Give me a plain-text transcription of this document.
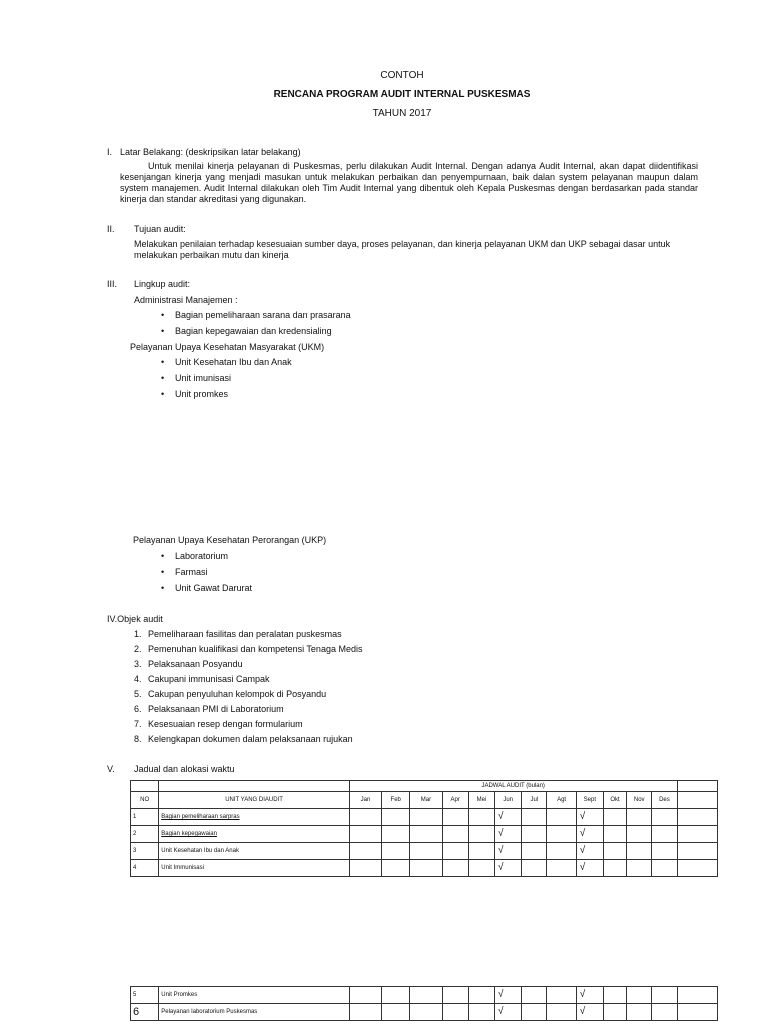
CONTOH
RENCANA PROGRAM AUDIT INTERNAL PUSKESMAS
TAHUN 2017
I. Latar Belakang: (deskripsikan latar belakang)
Untuk menilai kinerja pelayanan di Puskesmas, perlu dilakukan Audit Internal. Dengan adanya Audit Internal, akan dapat diidentifikasi kesenjangan kinerja yang menjadi masukan untuk melakukan perbaikan dan penyempurnaan, baik dalan system pelayanan maupun dalam system manajemen. Audit Internal dilakukan oleh Tim Audit Internal yang dibentuk oleh Kepala Puskesmas dengan berdasarkan pada standar kinerja dan standar akreditasi yang digunakan.
II. Tujuan audit:
Melakukan penilaian terhadap kesesuaian sumber daya, proses pelayanan, dan kinerja pelayanan UKM dan UKP sebagai dasar untuk melakukan perbaikan mutu dan kinerja
III. Lingkup audit:
Administrasi Manajemen :
• Bagian pemeliharaan sarana dan prasarana
• Bagian kepegawaian dan kredensialing
Pelayanan Upaya Kesehatan Masyarakat (UKM)
• Unit Kesehatan Ibu dan Anak
• Unit imunisasi
• Unit promkes
Pelayanan Upaya Kesehatan Perorangan (UKP)
• Laboratorium
• Farmasi
• Unit Gawat Darurat
IV.Objek audit
1. Pemeliharaan fasilitas dan peralatan puskesmas
2. Pemenuhan kualifikasi dan kompetensi Tenaga Medis
3. Pelaksanaan Posyandu
4. Cakupani immunisasi Campak
5. Cakupan penyuluhan kelompok di Posyandu
6. Pelaksanaan PMI di Laboratorium
7. Kesesuaian resep dengan formularium
8. Kelengkapan dokumen dalam pelaksanaan rujukan
V. Jadual dan alokasi waktu
		JADWAL AUDIT (bulan)												
NO	UNIT YANG DIAUDIT	Jan	Feb	Mar	Apr	Mei	Jun	Jul	Agt	Sept	Okt	Nov	Des	
1	Bagian pemeliharaan sarpras						√			√				
2	Bagian kepegawaian						√			√				
3	Unit Kesehatan Ibu dan Anak						√			√				
4	Unit Immunisasi						√			√				
5	Unit Promkes						√			√				
6	Pelayanan laboratorium Puskesmas						√			√				
